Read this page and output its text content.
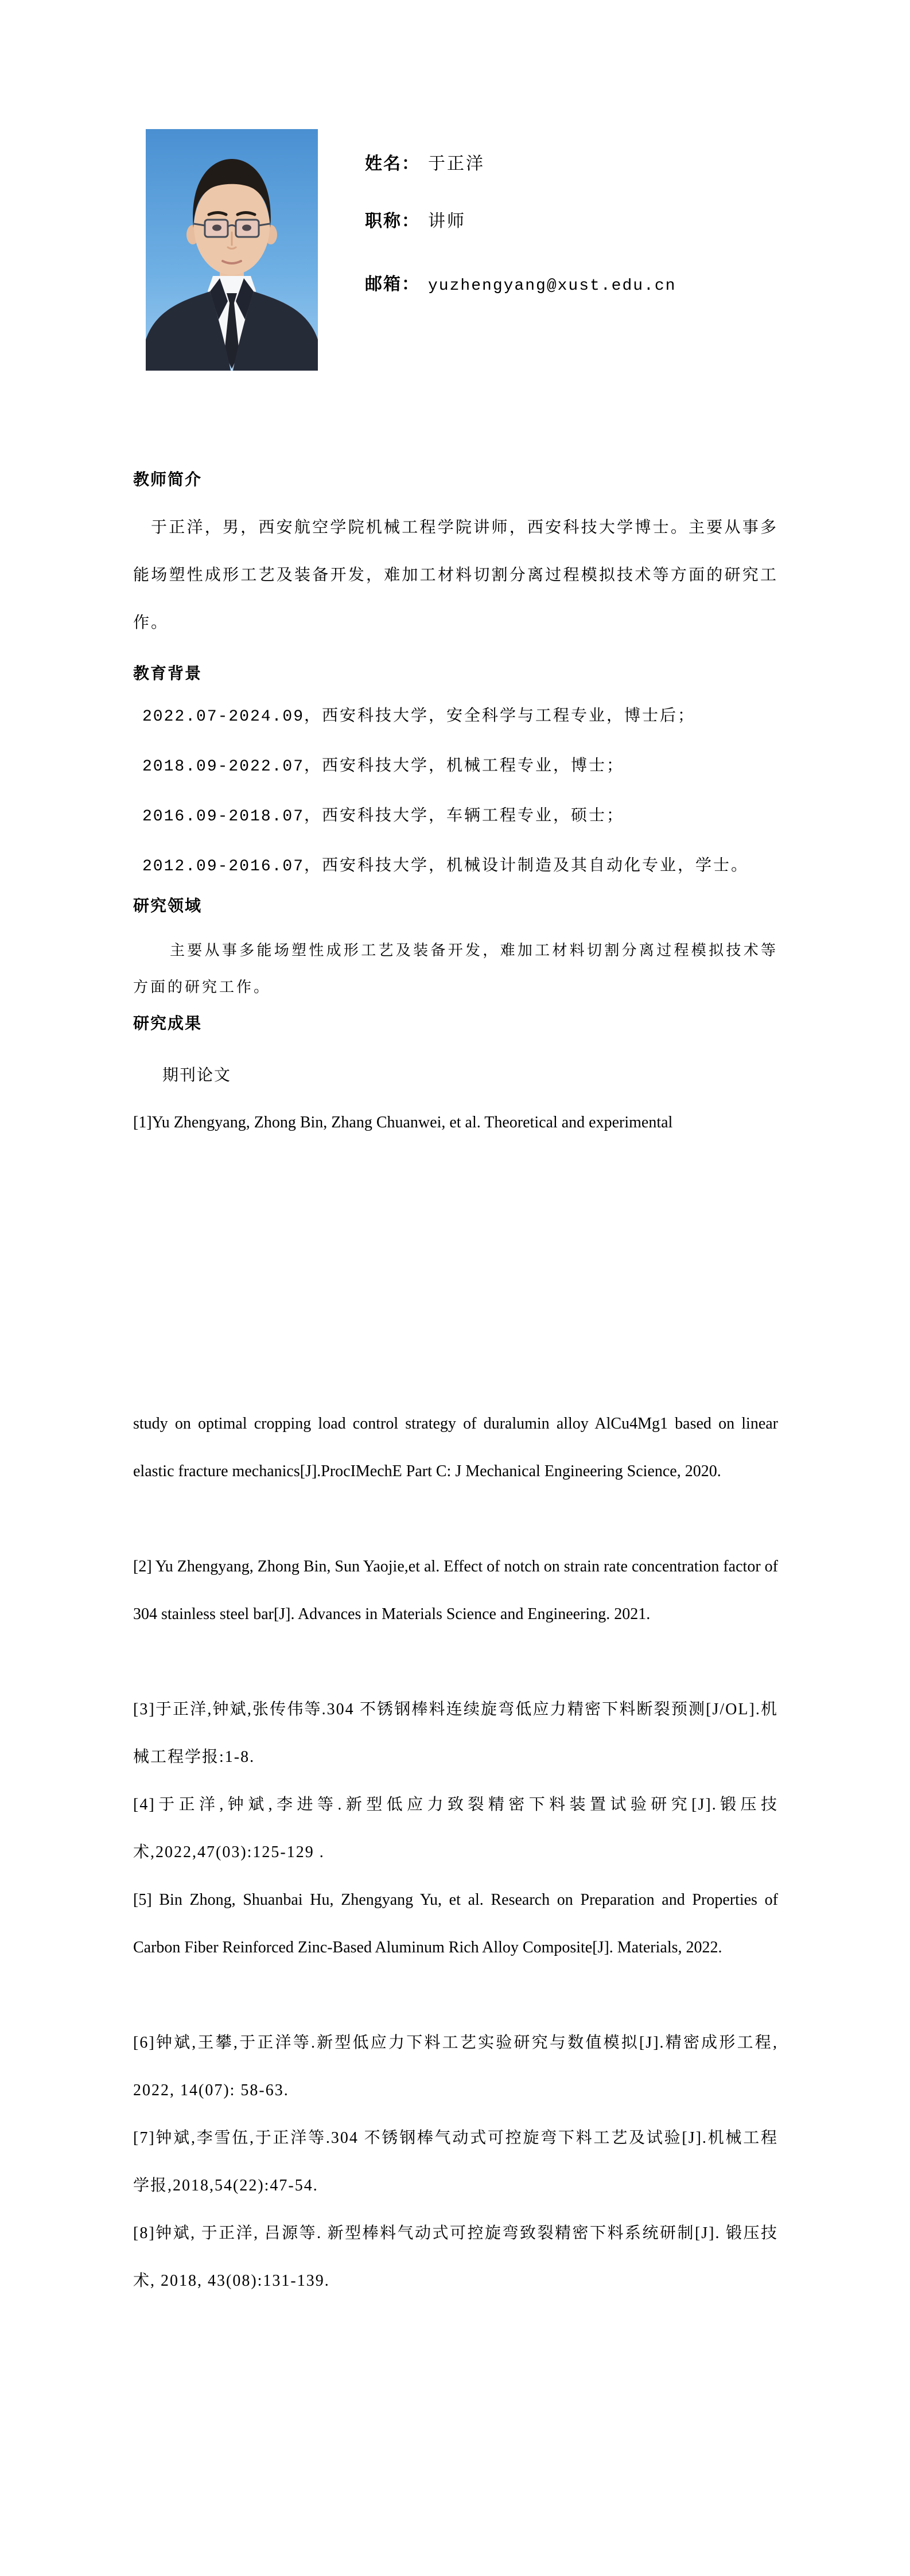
姓名： 于正洋
职称： 讲师
邮箱： yuzhengyang@xust.edu.cn
教师简介
于正洋，男，西安航空学院机械工程学院讲师，西安科技大学博士。主要从事多能场塑性成形工艺及装备开发，难加工材料切割分离过程模拟技术等方面的研究工作。
教育背景
2022.07-2024.09，西安科技大学，安全科学与工程专业，博士后；
2018.09-2022.07，西安科技大学，机械工程专业，博士；
2016.09-2018.07，西安科技大学，车辆工程专业，硕士；
2012.09-2016.07，西安科技大学，机械设计制造及其自动化专业，学士。
研究领域
主要从事多能场塑性成形工艺及装备开发，难加工材料切割分离过程模拟技术等方面的研究工作。
研究成果
期刊论文
[1]Yu Zhengyang, Zhong Bin, Zhang Chuanwei, et al. Theoretical and experimental
study on optimal cropping load control strategy of duralumin alloy AlCu4Mg1 based on linear elastic fracture mechanics[J].ProcIMechE Part C: J Mechanical Engineering Science, 2020.
[2] Yu Zhengyang, Zhong Bin, Sun Yaojie,et al. Effect of notch on strain rate concentration factor of 304 stainless steel bar[J]. Advances in Materials Science and Engineering. 2021.
[3]于正洋,钟斌,张传伟等.304 不锈钢棒料连续旋弯低应力精密下料断裂预测[J/OL].机械工程学报:1-8.
[4]于正洋,钟斌,李进等.新型低应力致裂精密下料装置试验研究[J].锻压技术,2022,47(03):125-129 .
[5] Bin Zhong, Shuanbai Hu, Zhengyang Yu, et al. Research on Preparation and Properties of Carbon Fiber Reinforced Zinc-Based Aluminum Rich Alloy Composite[J]. Materials, 2022.
[6]钟斌,王攀,于正洋等.新型低应力下料工艺实验研究与数值模拟[J].精密成形工程, 2022, 14(07): 58-63.
[7]钟斌,李雪伍,于正洋等.304 不锈钢棒气动式可控旋弯下料工艺及试验[J].机械工程学报,2018,54(22):47-54.
[8]钟斌, 于正洋, 吕源等. 新型棒料气动式可控旋弯致裂精密下料系统研制[J]. 锻压技术, 2018, 43(08):131-139.
